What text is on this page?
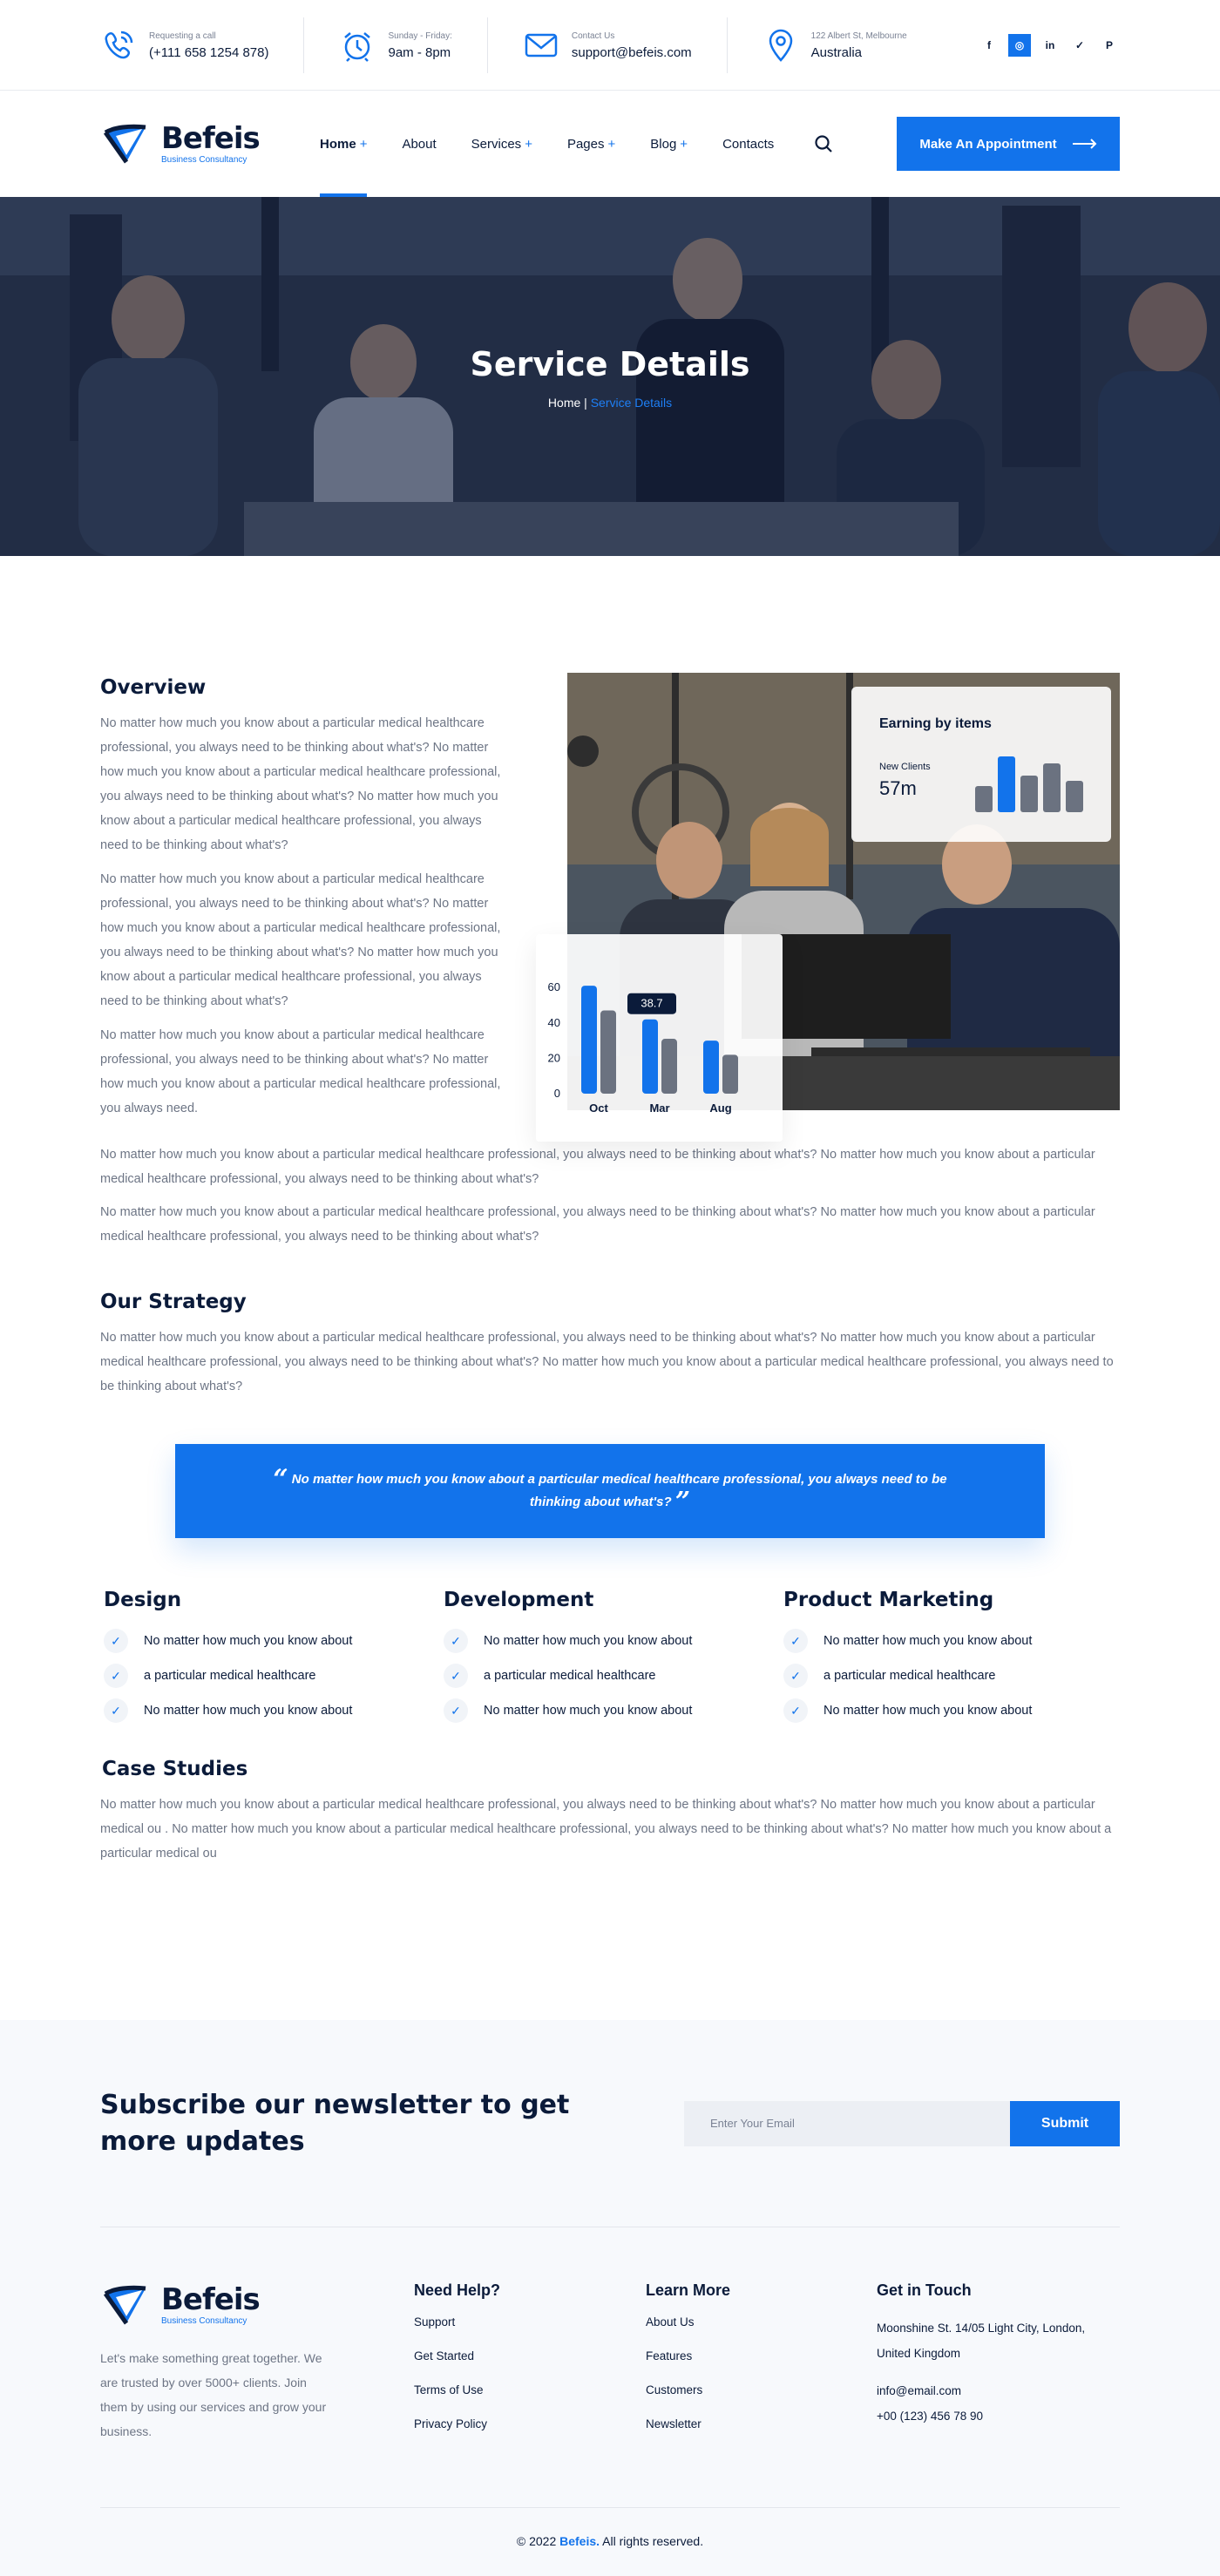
Requesting a call
(+111 658 1254 878)
Sunday - Friday:
9am - 8pm
Contact Us
support@befeis.com
122 Albert St, Melbourne
Australia	f	◎	in	✓	P
Befeis
Business Consultancy
Home +	About	Services +	Pages +	Blog +	Contacts	Make An Appointment
Service Details
Home | Service Details
Overview

No matter how much you know about a particular medical healthcare professional, you always need to be thinking about what's? No matter how much you know about a particular medical healthcare professional, you always need to be thinking about what's? No matter how much you know about a particular medical healthcare professional, you always need to be thinking about what's?

No matter how much you know about a particular medical healthcare professional, you always need to be thinking about what's? No matter how much you know about a particular medical healthcare professional, you always need to be thinking about what's? No matter how much you know about a particular medical healthcare professional, you always need to be thinking about what's?

No matter how much you know about a particular medical healthcare professional, you always need to be thinking about what's? No matter how much you know about a particular medical healthcare professional, you always need.

Earning by items
New Clients
57m

No matter how much you know about a particular medical healthcare professional, you always need to be thinking about what's? No matter how much you know about a particular medical healthcare professional, you always need to be thinking about what's?

No matter how much you know about a particular medical healthcare professional, you always need to be thinking about what's? No matter how much you know about a particular medical healthcare professional, you always need to be thinking about what's?

Our Strategy

No matter how much you know about a particular medical healthcare professional, you always need to be thinking about what's? No matter how much you know about a particular medical healthcare professional, you always need to be thinking about what's? No matter how much you know about a particular medical healthcare professional, you always need to be thinking about what's?

“ No matter how much you know about a particular medical healthcare professional, you always need to be thinking about what's? ”
Design
✓	No matter how much you know about
✓	a particular medical healthcare
✓	No matter how much you know about
Development
✓	No matter how much you know about
✓	a particular medical healthcare
✓	No matter how much you know about
Product Marketing
✓	No matter how much you know about
✓	a particular medical healthcare
✓	No matter how much you know about
Case Studies

No matter how much you know about a particular medical healthcare professional, you always need to be thinking about what's? No matter how much you know about a particular medical ou . No matter how much you know about a particular medical healthcare professional, you always need to be thinking about what's? No matter how much you know about a particular medical ou

0
20
40
60
Oct	Mar	Aug
38.7
Subscribe our newsletter to get more updates
Enter Your Email	Submit
Befeis
Business Consultancy

Let's make something great together. We are trusted by over 5000+ clients. Join them by using our services and grow your business.

Need Help?
Support
Get Started
Terms of Use
Privacy Policy
Learn More
About Us
Features
Customers
Newsletter
Get in Touch
Moonshine St. 14/05 Light City, London, United Kingdom
info@email.com
+00 (123) 456 78 90
© 2022 Befeis. All rights reserved.
